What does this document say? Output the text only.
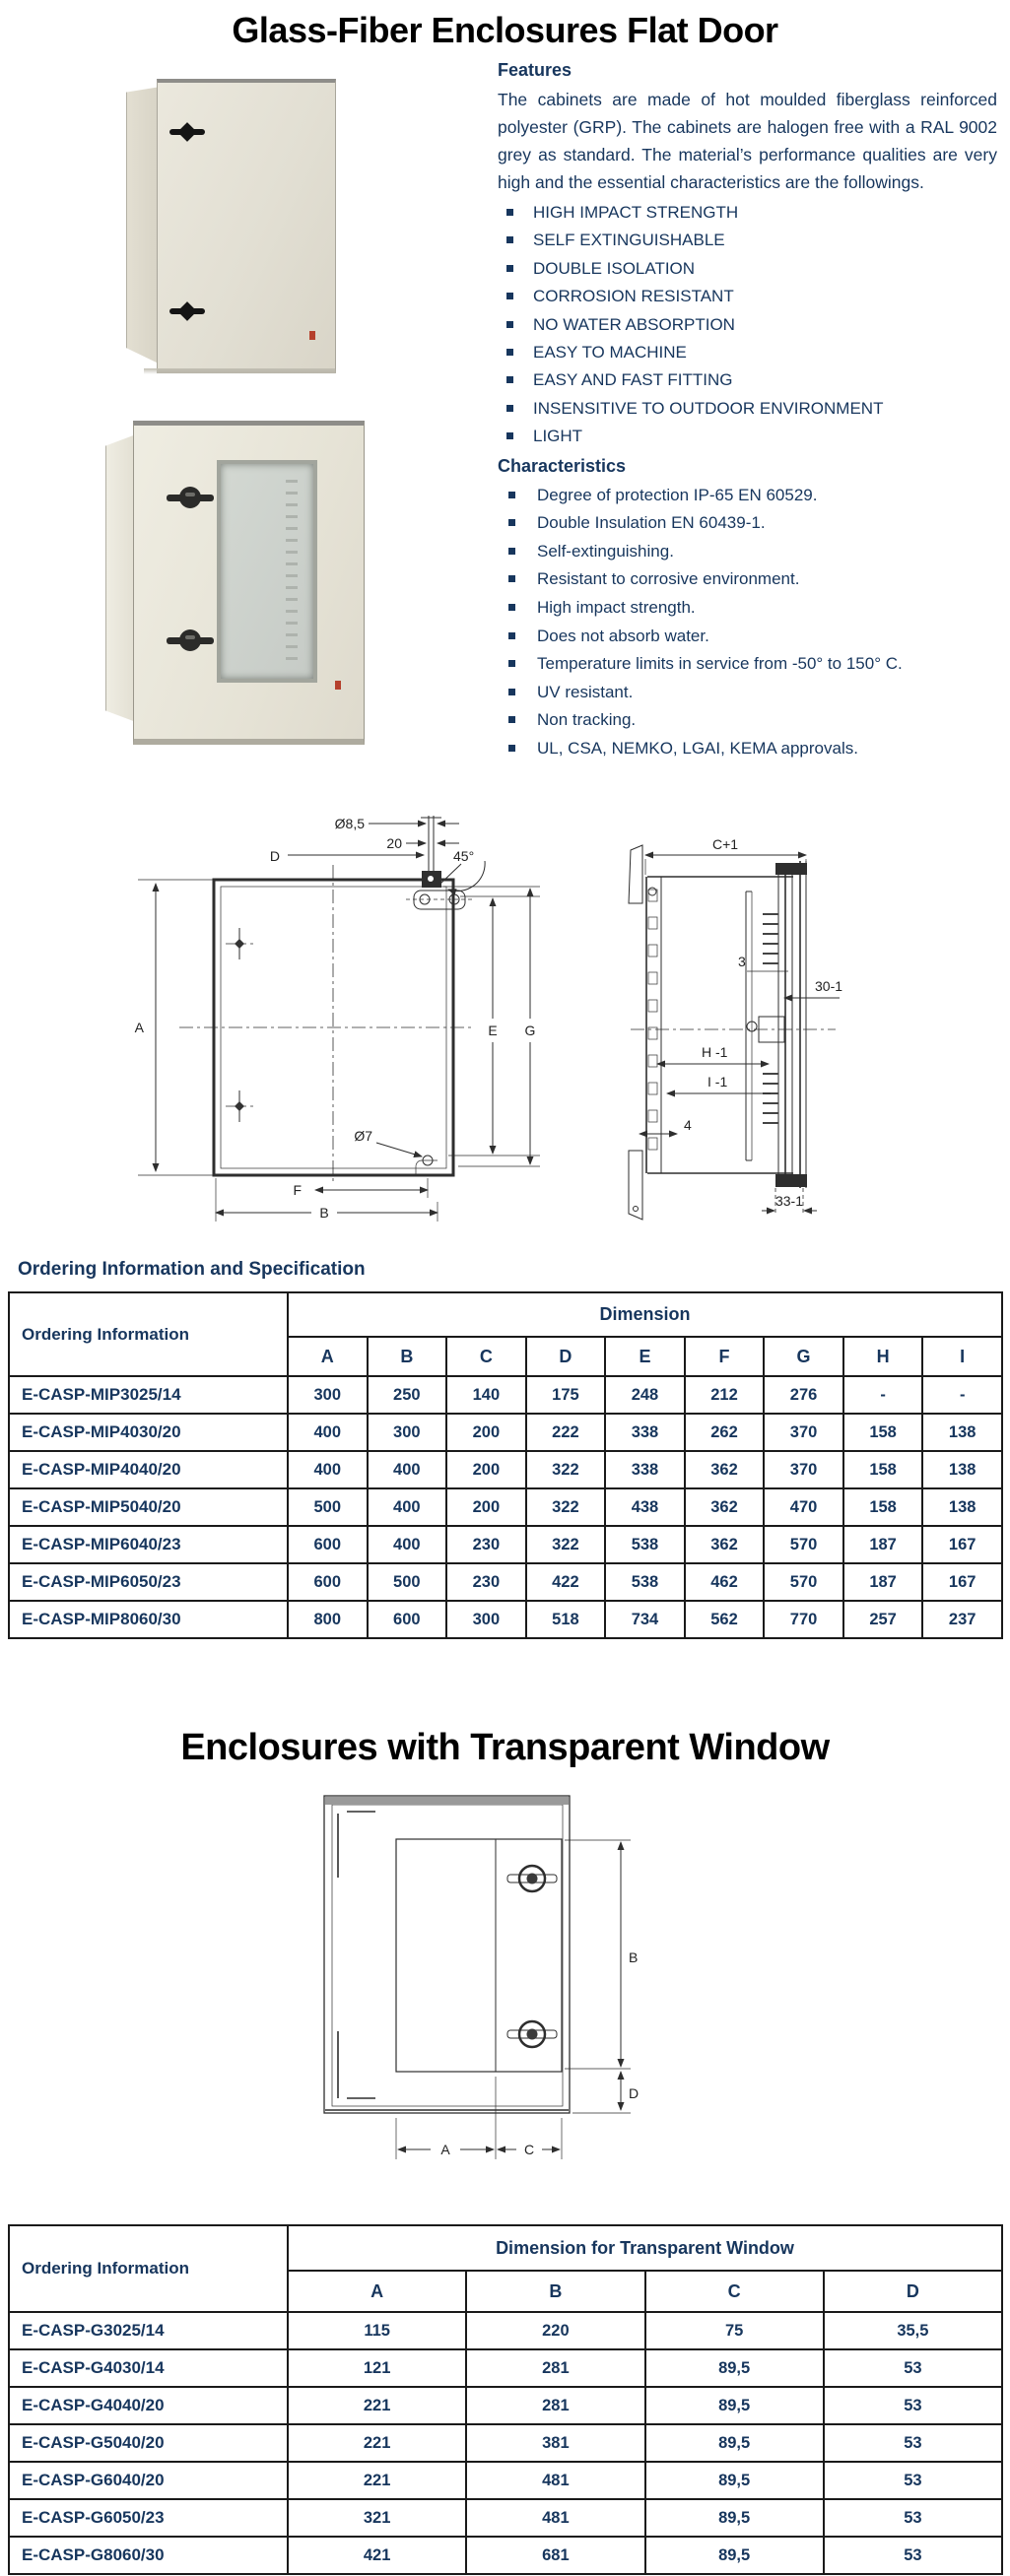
Glass-Fiber Enclosures Flat Door
Features

The cabinets are made of hot moulded fiberglass reinforced polyester (GRP). The cabinets are halogen free with a RAL 9002 grey as standard. The material’s performance qualities are very high and the essential characteristics are the followings.

HIGH IMPACT STRENGTH
SELF EXTINGUISHABLE
DOUBLE ISOLATION
CORROSION RESISTANT
NO WATER ABSORPTION
EASY TO MACHINE
EASY AND FAST FITTING
INSENSITIVE TO OUTDOOR ENVIRONMENT
LIGHT
Characteristics
Degree of protection IP-65 EN 60529.
Double Insulation EN 60439-1.
Self-extinguishing.
Resistant to corrosive environment.
High impact strength.
Does not absorb water.
Temperature limits in service from -50° to 150° C.
UV resistant.
Non tracking.
UL, CSA, NEMKO, LGAI, KEMA approvals.
A
Ø8,5
20
D	45°
E G
Ø7
F
B
C+1
3
30-1
H -1
I -1
4
33-1
Ordering Information and Specification
Ordering Information	Dimension								
	A	B	C	D	E	F	G	H	I
E-CASP-MIP3025/14	300	250	140	175	248	212	276	-	-
E-CASP-MIP4030/20	400	300	200	222	338	262	370	158	138
E-CASP-MIP4040/20	400	400	200	322	338	362	370	158	138
E-CASP-MIP5040/20	500	400	200	322	438	362	470	158	138
E-CASP-MIP6040/23	600	400	230	322	538	362	570	187	167
E-CASP-MIP6050/23	600	500	230	422	538	462	570	187	167
E-CASP-MIP8060/30	800	600	300	518	734	562	770	257	237
Enclosures with Transparent Window
B
D
A	C
Ordering Information	Dimension for Transparent Window			
	A	B	C	D
E-CASP-G3025/14	115	220	75	35,5
E-CASP-G4030/14	121	281	89,5	53
E-CASP-G4040/20	221	281	89,5	53
E-CASP-G5040/20	221	381	89,5	53
E-CASP-G6040/20	221	481	89,5	53
E-CASP-G6050/23	321	481	89,5	53
E-CASP-G8060/30	421	681	89,5	53
